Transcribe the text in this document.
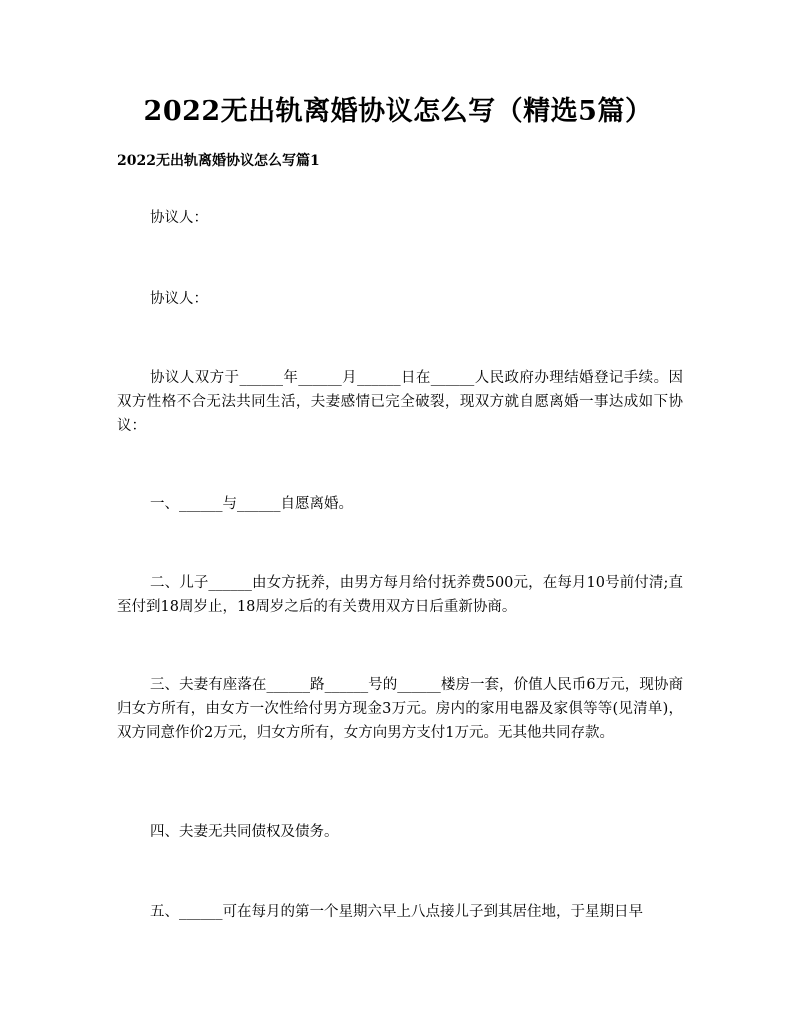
2022无出轨离婚协议怎么写（精选5篇）
2022无出轨离婚协议怎么写篇1

协议人：

协议人：

协议人双方于______年______月______日在______人民政府办理结婚登记手续。因双方性格不合无法共同生活，夫妻感情已完全破裂，现双方就自愿离婚一事达成如下协议：

一、______与______自愿离婚。

二、儿子______由女方抚养，由男方每月给付抚养费500元，在每月10号前付清;直至付到18周岁止，18周岁之后的有关费用双方日后重新协商。

三、夫妻有座落在______路______号的______楼房一套，价值人民币6万元，现协商归女方所有，由女方一次性给付男方现金3万元。房内的家用电器及家俱等等(见清单)，双方同意作价2万元，归女方所有，女方向男方支付1万元。无其他共同存款。

四、夫妻无共同债权及债务。

五、______可在每月的第一个星期六早上八点接儿子到其居住地，于星期日早
